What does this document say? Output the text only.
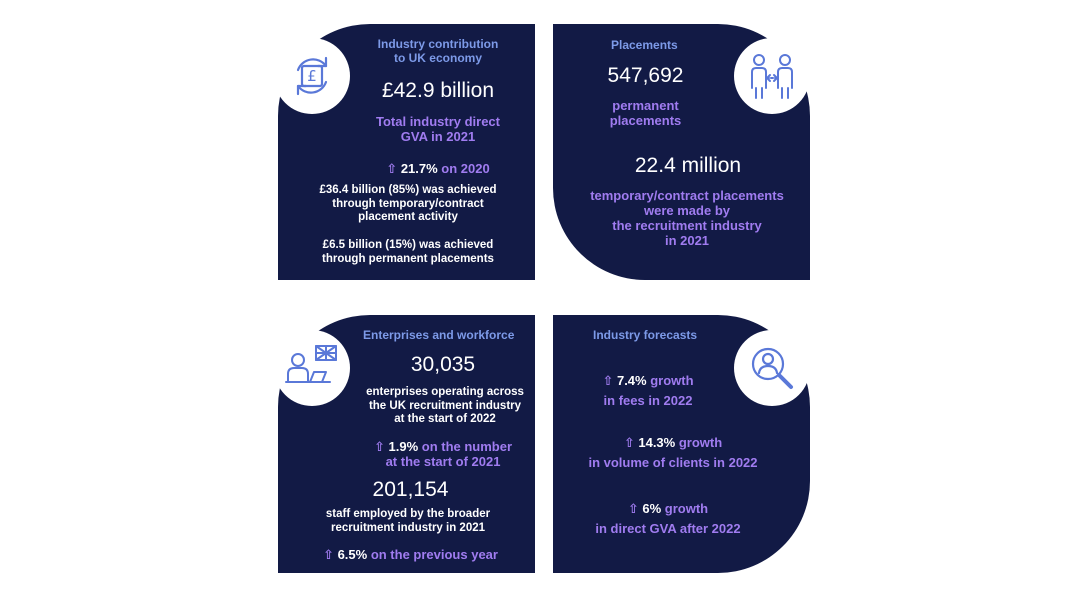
Industry contribution
to UK economy
£42.9 billion
Total industry direct
GVA in 2021
⇧ 21.7% on 2020
£36.4 billion (85%) was achieved
through temporary/contract
placement activity
£6.5 billion (15%) was achieved
through permanent placements
Placements
547,692
permanent
placements
22.4 million
temporary/contract placements
were made by
the recruitment industry
in 2021
Enterprises and workforce
30,035
enterprises operating across
the UK recruitment industry
at the start of 2022
⇧ 1.9% on the number
at the start of 2021
201,154
staff employed by the broader
recruitment industry in 2021
⇧ 6.5% on the previous year
Industry forecasts
⇧ 7.4% growth
in fees in 2022
⇧ 14.3% growth
in volume of clients in 2022
⇧ 6% growth
in direct GVA after 2022
£
